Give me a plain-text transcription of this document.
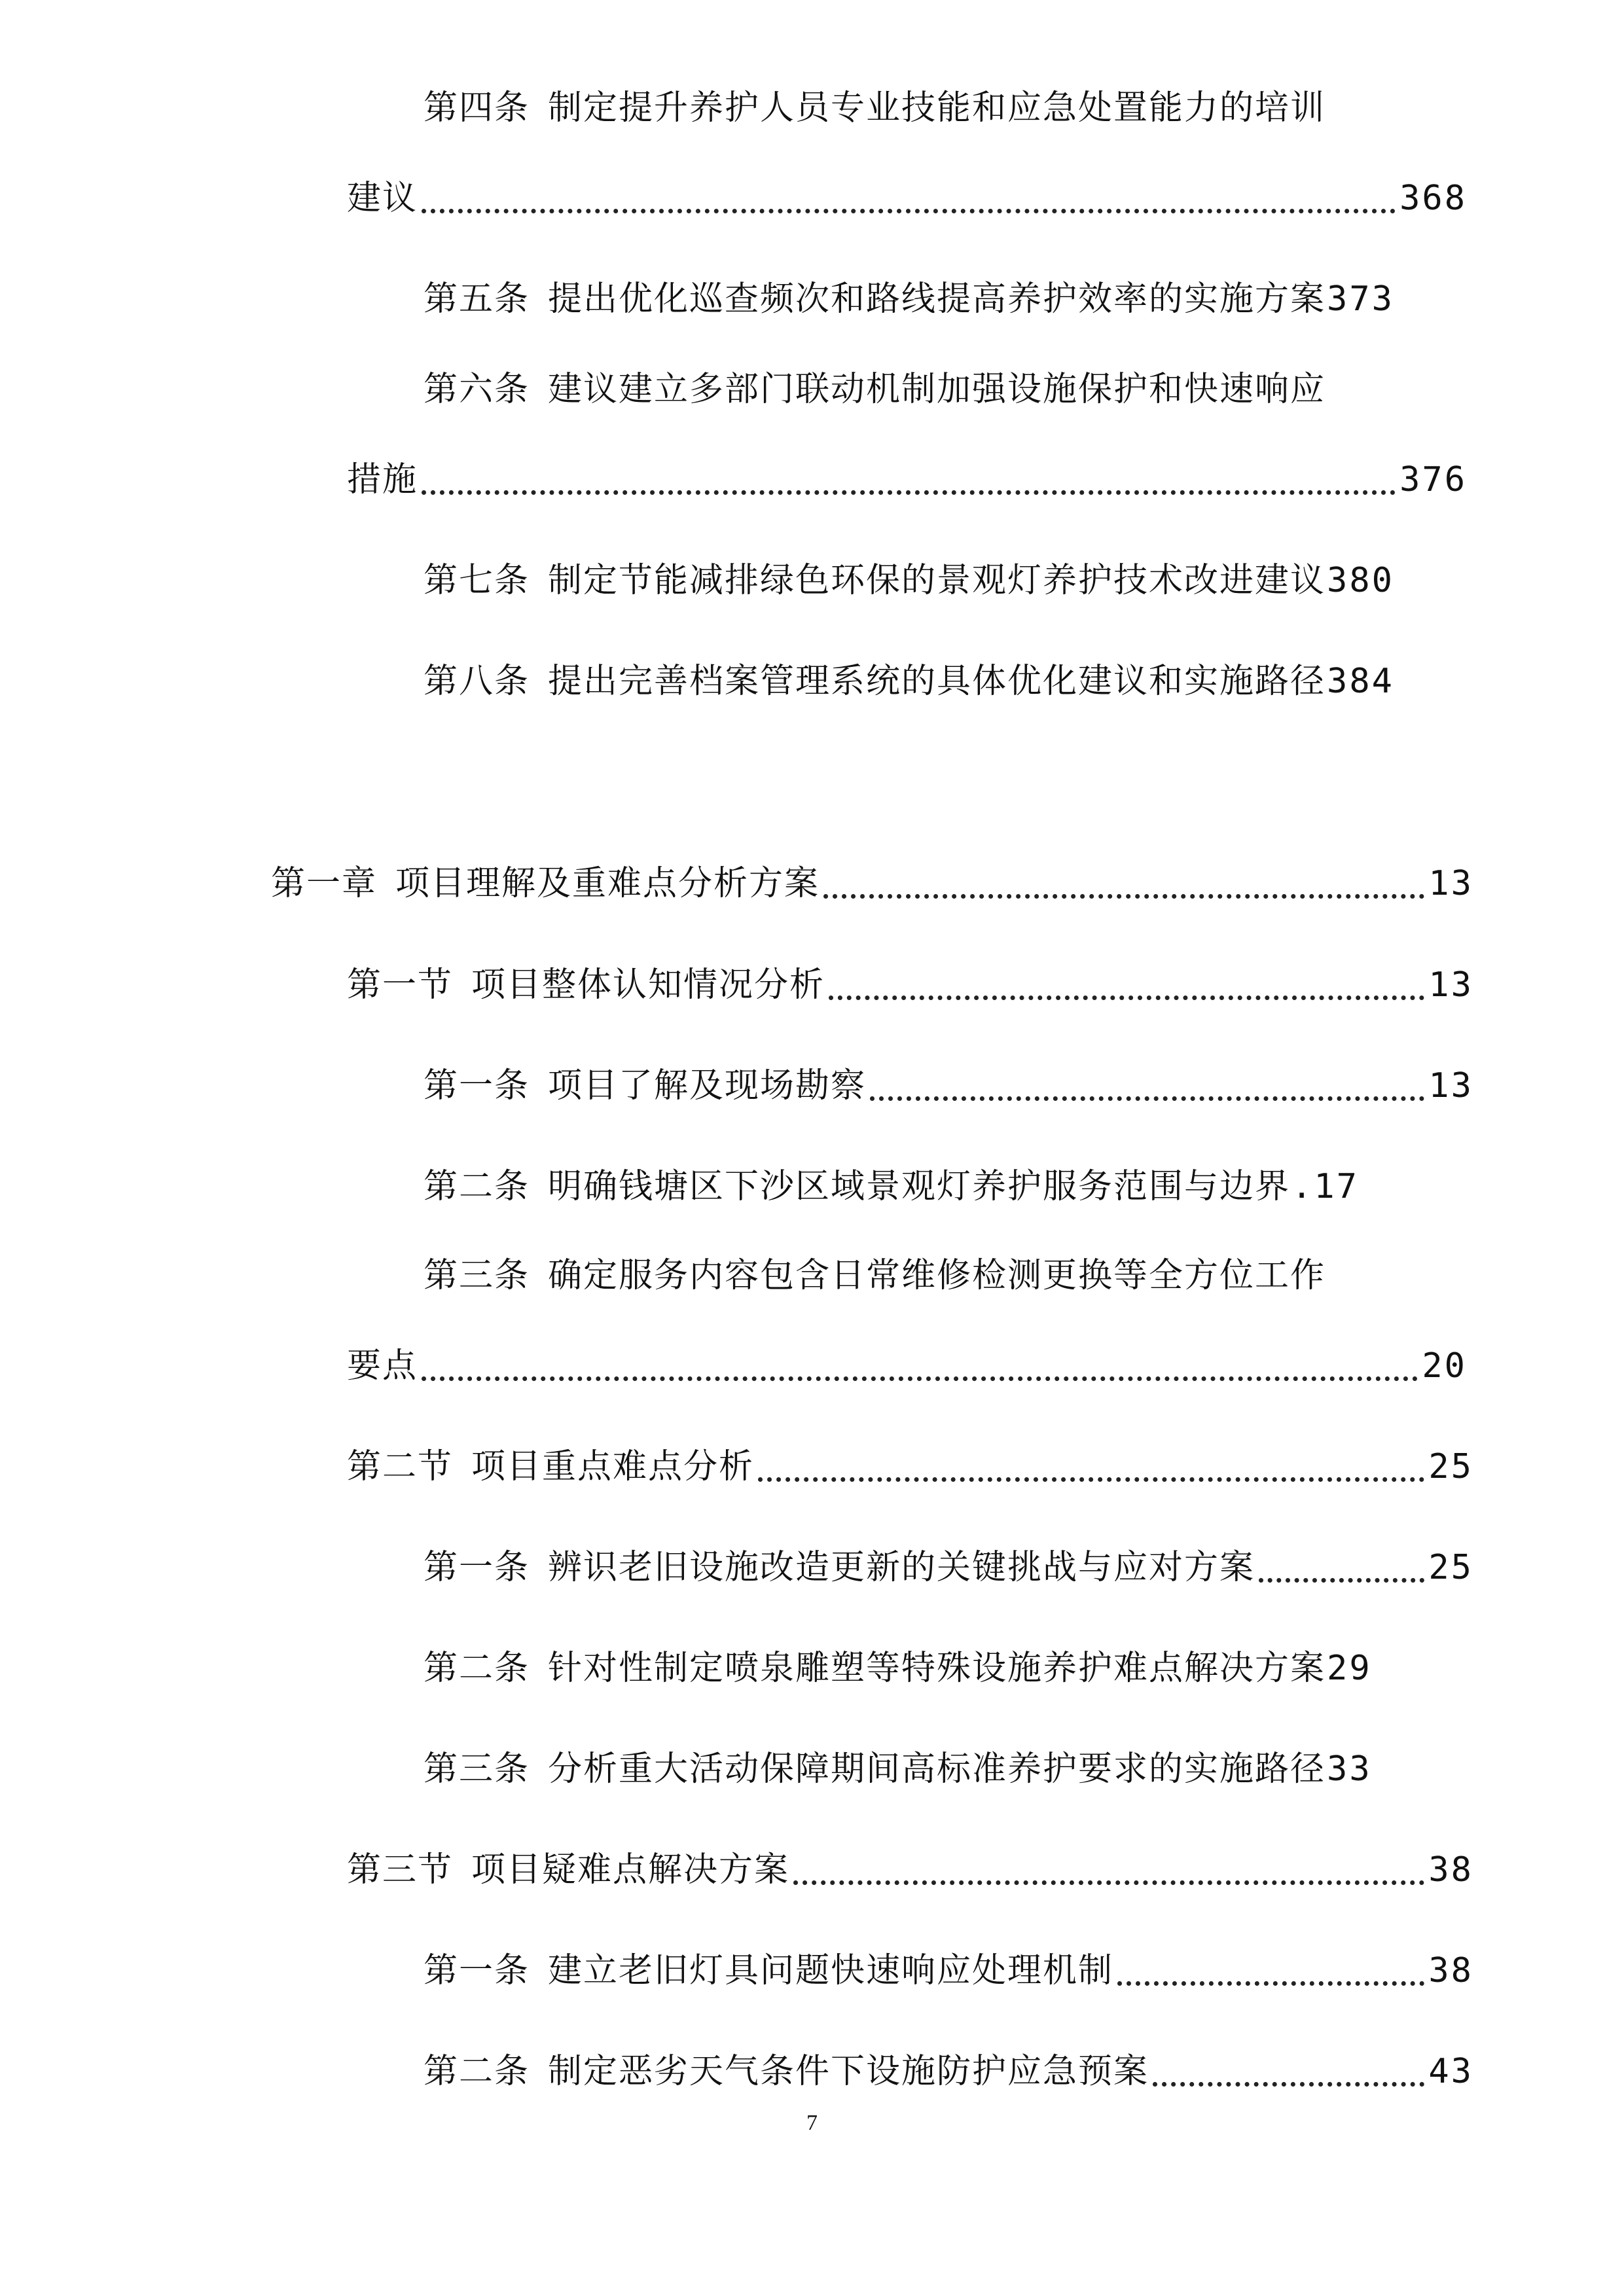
第四条 制定提升养护人员专业技能和应急处置能力的培训
建议	368
第五条 提出优化巡查频次和路线提高养护效率的实施方案 373
第六条 建议建立多部门联动机制加强设施保护和快速响应
措施	376
第七条 制定节能减排绿色环保的景观灯养护技术改进建议 380
第八条 提出完善档案管理系统的具体优化建议和实施路径 384
第一章 项目理解及重难点分析方案	13
第一节 项目整体认知情况分析	13
第一条 项目了解及现场勘察	13
第二条 明确钱塘区下沙区域景观灯养护服务范围与边界 .17
第三条 确定服务内容包含日常维修检测更换等全方位工作
要点	20
第二节 项目重点难点分析	25
第一条 辨识老旧设施改造更新的关键挑战与应对方案	25
第二条 针对性制定喷泉雕塑等特殊设施养护难点解决方案 29
第三条 分析重大活动保障期间高标准养护要求的实施路径 33
第三节 项目疑难点解决方案	38
第一条 建立老旧灯具问题快速响应处理机制	38
第二条 制定恶劣天气条件下设施防护应急预案	43
7
